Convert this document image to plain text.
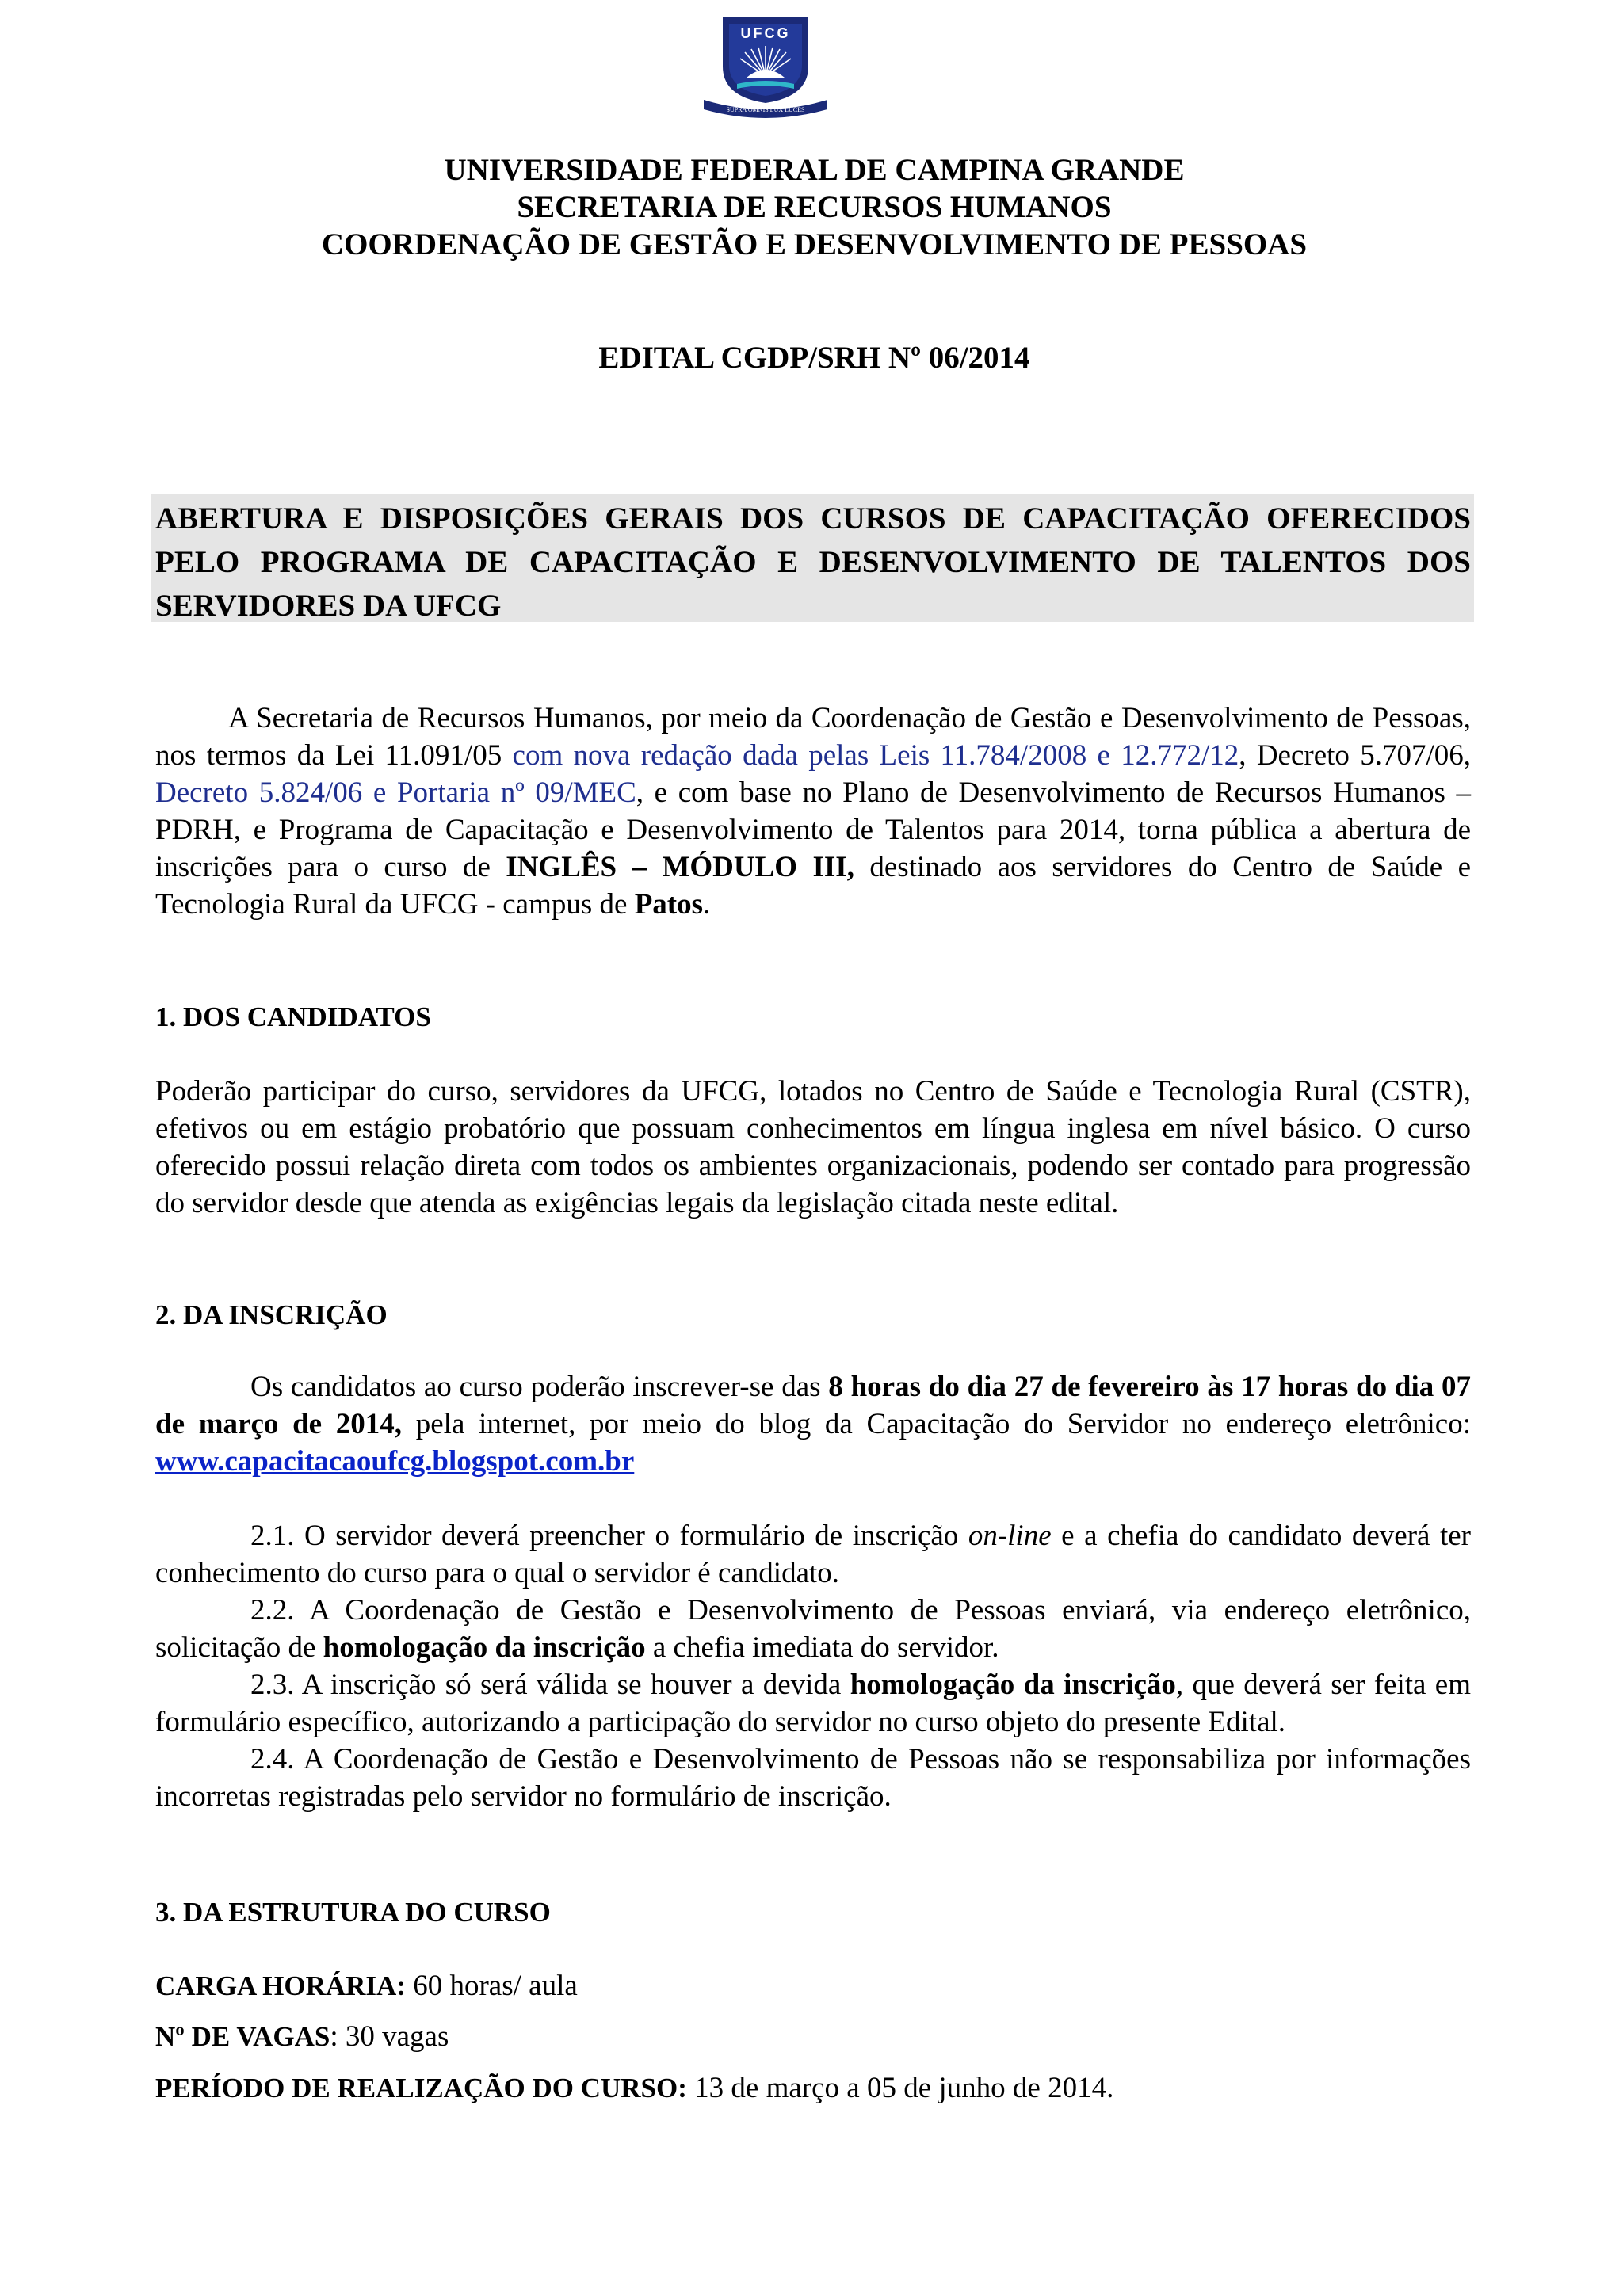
UFCG
SUPRA OMNIS LUX LUCES
UNIVERSIDADE FEDERAL DE CAMPINA GRANDE
SECRETARIA DE RECURSOS HUMANOS
COORDENAÇÃO DE GESTÃO E DESENVOLVIMENTO DE PESSOAS
EDITAL CGDP/SRH Nº 06/2014
ABERTURA E DISPOSIÇÕES GERAIS DOS CURSOS DE CAPACITAÇÃO OFERECIDOS PELO PROGRAMA DE CAPACITAÇÃO E DESENVOLVIMENTO DE TALENTOS DOS SERVIDORES DA UFCG

A Secretaria de Recursos Humanos, por meio da Coordenação de Gestão e Desenvolvimento de Pessoas, nos termos da Lei 11.091/05 com nova redação dada pelas Leis 11.784/2008 e 12.772/12, Decreto 5.707/06, Decreto 5.824/06 e Portaria nº 09/MEC, e com base no Plano de Desenvolvimento de Recursos Humanos – PDRH, e Programa de Capacitação e Desenvolvimento de Talentos para 2014, torna pública a abertura de inscrições para o curso de INGLÊS – MÓDULO III, destinado aos servidores do Centro de Saúde e Tecnologia Rural da UFCG - campus de Patos.

1. DOS CANDIDATOS

Poderão participar do curso, servidores da UFCG, lotados no Centro de Saúde e Tecnologia Rural (CSTR), efetivos ou em estágio probatório que possuam conhecimentos em língua inglesa em nível básico. O curso oferecido possui relação direta com todos os ambientes organizacionais, podendo ser contado para progressão do servidor desde que atenda as exigências legais da legislação citada neste edital.

2. DA INSCRIÇÃO

Os candidatos ao curso poderão inscrever-se das 8 horas do dia 27 de fevereiro às 17 horas do dia 07 de março de 2014, pela internet, por meio do blog da Capacitação do Servidor no endereço eletrônico: www.capacitacaoufcg.blogspot.com.br

2.1. O servidor deverá preencher o formulário de inscrição on-line e a chefia do candidato deverá ter conhecimento do curso para o qual o servidor é candidato.

2.2. A Coordenação de Gestão e Desenvolvimento de Pessoas enviará, via endereço eletrônico, solicitação de homologação da inscrição a chefia imediata do servidor.

2.3. A inscrição só será válida se houver a devida homologação da inscrição, que deverá ser feita em formulário específico, autorizando a participação do servidor no curso objeto do presente Edital.

2.4. A Coordenação de Gestão e Desenvolvimento de Pessoas não se responsabiliza por informações incorretas registradas pelo servidor no formulário de inscrição.

3. DA ESTRUTURA DO CURSO
CARGA HORÁRIA: 60 horas/ aula
Nº DE VAGAS: 30 vagas
PERÍODO DE REALIZAÇÃO DO CURSO: 13 de março a 05 de junho de 2014.
